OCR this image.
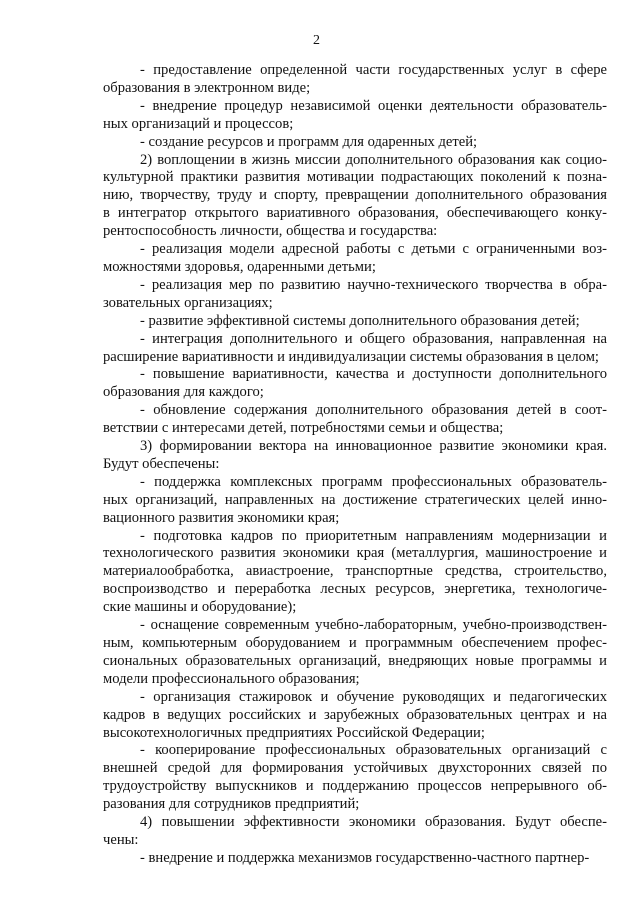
2
- предоставление определенной части государственных услуг в сфере
образования в электронном виде;
- внедрение процедур независимой оценки деятельности образователь-
ных организаций и процессов;
- создание ресурсов и программ для одаренных детей;
2) воплощении в жизнь миссии дополнительного образования как социо-
культурной практики развития мотивации подрастающих поколений к позна-
нию, творчеству, труду и спорту, превращении дополнительного образования
в интегратор открытого вариативного образования, обеспечивающего конку-
рентоспособность личности, общества и государства:
- реализация модели адресной работы с детьми с ограниченными воз-
можностями здоровья, одаренными детьми;
- реализация мер по развитию научно-технического творчества в обра-
зовательных организациях;
- развитие эффективной системы дополнительного образования детей;
- интеграция дополнительного и общего образования, направленная на
расширение вариативности и индивидуализации системы образования в целом;
- повышение вариативности, качества и доступности дополнительного
образования для каждого;
- обновление содержания дополнительного образования детей в соот-
ветствии с интересами детей, потребностями семьи и общества;
3) формировании вектора на инновационное развитие экономики края.
Будут обеспечены:
- поддержка комплексных программ профессиональных образователь-
ных организаций, направленных на достижение стратегических целей инно-
вационного развития экономики края;
- подготовка кадров по приоритетным направлениям модернизации и
технологического развития экономики края (металлургия, машиностроение и
материалообработка, авиастроение, транспортные средства, строительство,
воспроизводство и переработка лесных ресурсов, энергетика, технологиче-
ские машины и оборудование);
- оснащение современным учебно-лабораторным, учебно-производствен-
ным, компьютерным оборудованием и программным обеспечением профес-
сиональных образовательных организаций, внедряющих новые программы и
модели профессионального образования;
- организация стажировок и обучение руководящих и педагогических
кадров в ведущих российских и зарубежных образовательных центрах и на
высокотехнологичных предприятиях Российской Федерации;
- кооперирование профессиональных образовательных организаций с
внешней средой для формирования устойчивых двухсторонних связей по
трудоустройству выпускников и поддержанию процессов непрерывного об-
разования для сотрудников предприятий;
4) повышении эффективности экономики образования. Будут обеспе-
чены:
- внедрение и поддержка механизмов государственно-частного партнер-
